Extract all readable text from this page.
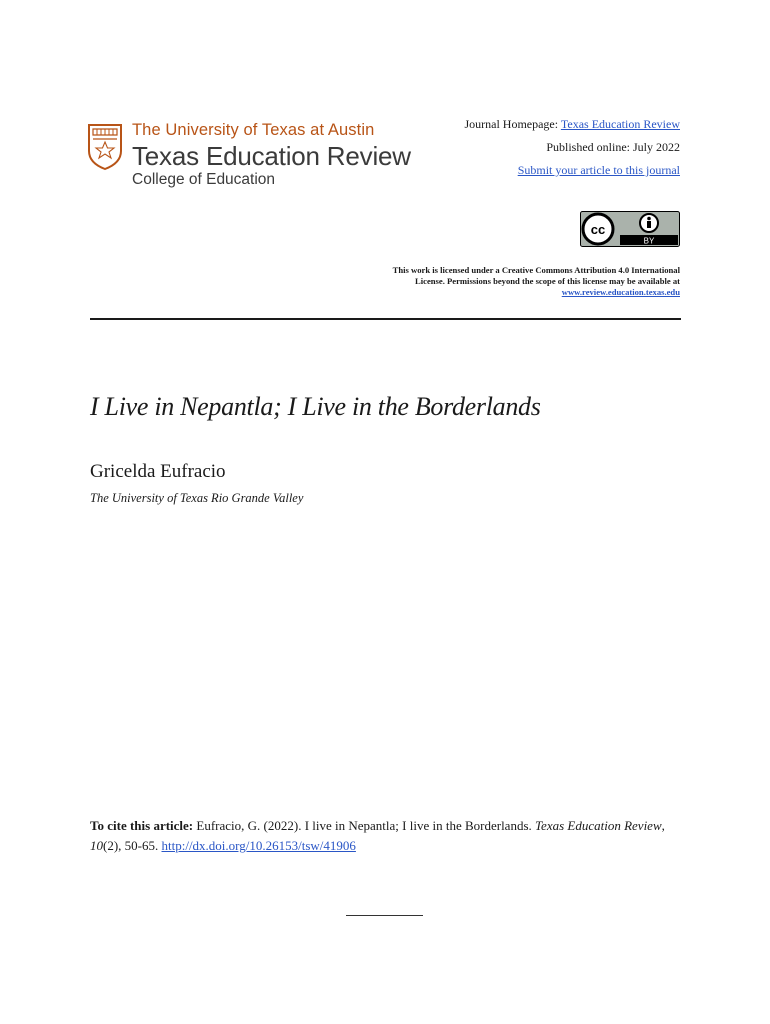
The University of Texas at Austin
Texas Education Review
College of Education
Journal Homepage: Texas Education Review
Published online: July 2022
Submit your article to this journal
cc
BY
This work is licensed under a Creative Commons Attribution 4.0 International License. Permissions beyond the scope of this license may be available at www.review.education.texas.edu
I Live in Nepantla; I Live in the Borderlands
Gricelda Eufracio
The University of Texas Rio Grande Valley
To cite this article: Eufracio, G. (2022). I live in Nepantla; I live in the Borderlands. Texas Education Review, 10(2), 50-65. http://dx.doi.org/10.26153/tsw/41906
